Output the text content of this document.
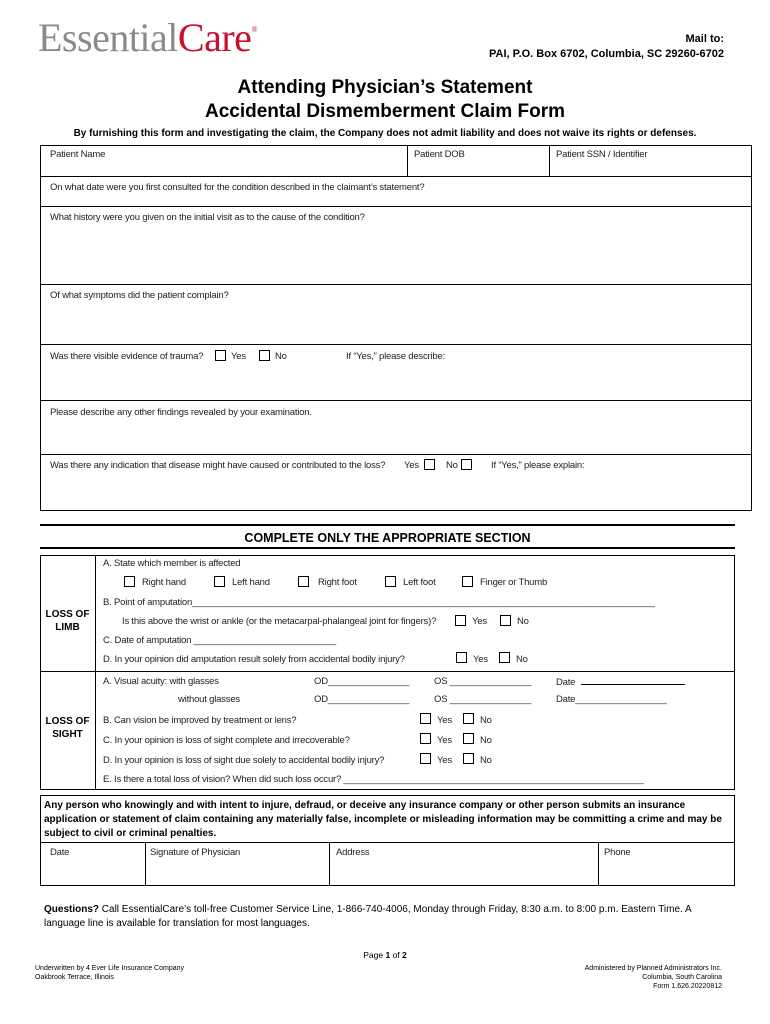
EssentialCare®
Mail to:
PAI, P.O. Box 6702, Columbia, SC 29260-6702
Attending Physician’s Statement
Accidental Dismemberment Claim Form
By furnishing this form and investigating the claim, the Company does not admit liability and does not waive its rights or defenses.
Patient Name	Patient DOB	Patient SSN / Identifier
On what date were you first consulted for the condition described in the claimant’s statement?
What history were you given on the initial visit as to the cause of the condition?
Of what symptoms did the patient complain?
Was there visible evidence of trauma?	Yes	No	If “Yes,” please describe:
Please describe any other findings revealed by your examination.
Was there any indication that disease might have caused or contributed to the loss? Yes	No	If “Yes,” please explain:
COMPLETE ONLY THE APPROPRIATE SECTION
LOSS OF
LIMB
A. State which member is affected
Right hand	Left hand	Right foot	Left foot	Finger or Thumb
B. Point of amputation___________________________________________________________________________________________
Is this above the wrist or ankle (or the metacarpal-phalangeal joint for fingers)?	Yes	No
C. Date of amputation ____________________________
D. In your opinion did amputation result solely from accidental bodily injury?	Yes	No
LOSS OF
SIGHT
A. Visual acuity: with glasses	OD________________	OS ________________	Date
without glasses	OD________________	OS ________________	Date__________________
B. Can vision be improved by treatment or lens?	Yes	No
C. In your opinion is loss of sight complete and irrecoverable?	Yes	No
D. In your opinion is loss of sight due solely to accidental bodily injury?	Yes	No
E. Is there a total loss of vision? When did such loss occur? ___________________________________________________________
Any person who knowingly and with intent to injure, defraud, or deceive any insurance company or other person submits an insurance application or statement of claim containing any materially false, incomplete or misleading information may be committing a crime and may be subject to civil or criminal penalties.
Date	Signature of Physician	Address	Phone
Questions? Call EssentialCare’s toll-free Customer Service Line, 1-866-740-4006, Monday through Friday, 8:30 a.m. to 8:00 p.m. Eastern Time. A language line is available for translation for most languages.
Page 1 of 2
Underwritten by 4 Ever Life Insurance Company
Oakbrook Terrace, Illinois
Administered by Planned Administrators Inc.
Columbia, South Carolina
Form 1.626.20220812
